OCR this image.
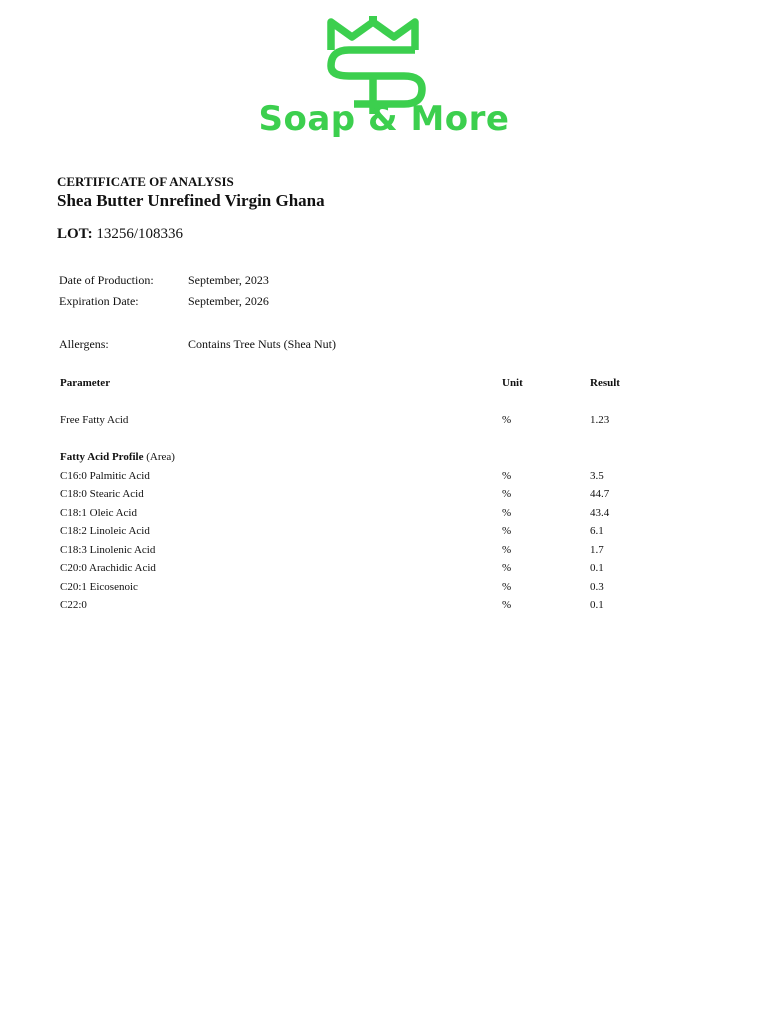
Soap & More
CERTIFICATE OF ANALYSIS
Shea Butter Unrefined Virgin Ghana
LOT: 13256/108336
Date of Production:	September, 2023
Expiration Date:	September, 2026
Allergens:	Contains Tree Nuts (Shea Nut)
Parameter	Unit	Result
Free Fatty Acid	%	1.23
Fatty Acid Profile (Area)
C16:0 Palmitic Acid	%	3.5
C18:0 Stearic Acid	%	44.7
C18:1 Oleic Acid	%	43.4
C18:2 Linoleic Acid	%	6.1
C18:3 Linolenic Acid	%	1.7
C20:0 Arachidic Acid	%	0.1
C20:1 Eicosenoic	%	0.3
C22:0	%	0.1
